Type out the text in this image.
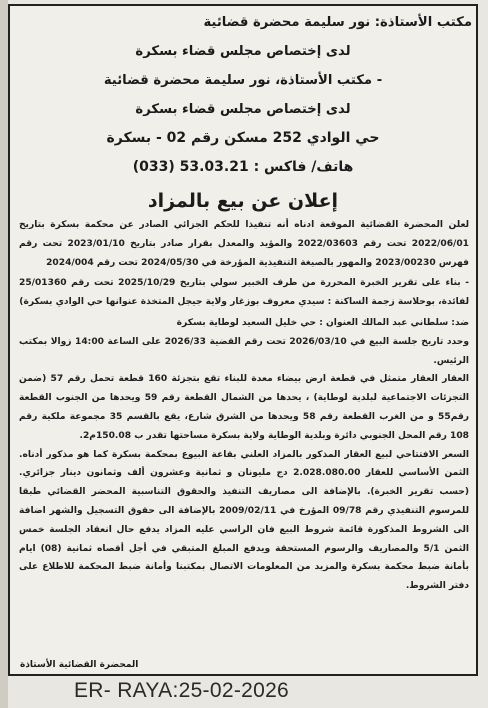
مكتب الأستاذة: نور سليمة محضرة قضائية
لدى إختصاص مجلس قضاء بسكرة
- مكتب الأستاذة، نور سليمة محضرة قضائية
لدى إختصاص مجلس قضاء بسكرة
حي الوادي 252 مسكن رقم 02 - بسكرة
هاتف/ فاكس : 53.03.21 (033)
إعلان عن بيع بالمزاد

لعلن المحضرة القضائية الموقعة ادناه أنه تنفيذا للحكم الجزائي الصادر عن محكمة بسكرة بتاريخ 2022/06/01 تحت رقم 2022/03603 والمؤيد والمعدل بقرار صادر بتاريخ 2023/01/10 تحت رقم فهرس 2023/00230 والمهور بالصيغة التنفيذية المؤرخة في 2024/05/30 تحت رقم 2024/004

- بناء على تقرير الخبرة المحررة من طرف الخبير سولي بتاريخ 2025/10/29 تحت رقم 25/01360 لفائدة، بوحلاسة زجمة الساكنة : سيدي معروف بوزغار ولاية جيجل المتخذة عنوانها حي الوادي بسكرة)

ضد: سلطاني عبد المالك العنوان : حي خليل السعيد لوطاية بسكرة

وحدد تاريخ جلسة البيع في 2026/03/10 تحت رقم القضية 2026/33 على الساعة 14:00 زوالا بمكتب الرئيس.

العقار العقار متمثل في قطعة ارض بيضاء معدة للبناء تقع بتجزئة 160 قطعة تحمل رقم 57 (ضمن التجزئات الاجتماعية لبلدية لوطاية) ، يحدها من الشمال القطعة رقم 59 ويحدها من الجنوب القطعة رقم55 و من الغرب القطعة رقم 58 ويحدها من الشرق شارع، يقع بالقسم 35 مجموعة ملكية رقم 108 رقم المحل الجنوبي دائرة وبلدية الوطاية ولاية بسكرة مساحتها تقدر ب 150.08م2.

السعر الافتتاحي لبيع العقار المذكور بالمزاد العلني بقاعة البيوع بمحكمة بسكرة كما هو مذكور أدناه. الثمن الأساسي للعقار 2.028.080.00 دج مليونان و ثمانية وعشرون ألف وثمانون دينار جزائري. (حسب تقرير الخبرة). بالإضافة الى مصاريف التنفيذ والحقوق التناسبية المحضر القضائي طبقا للمرسوم التنفيذي رقم 09/78 المؤرخ في 2009/02/11 بالإضافة الى حقوق التسجيل والشهر اضافة الى الشروط المذكورة قائمة شروط البيع فان الراسي عليه المزاد يدفع حال انعقاد الجلسة خمس الثمن 5/1 والمصاريف والرسوم المستحقة ويدفع المبلغ المتبقي في أجل أقصاه ثمانية (08) ايام بأمانة ضبط محكمة بسكرة والمزيد من المعلومات الاتصال بمكتبنا وأمانة ضبط المحكمة للاطلاع على دفتر الشروط.

المحضرة القضائية الأستاذة
ER- RAYA:25-02-2026
